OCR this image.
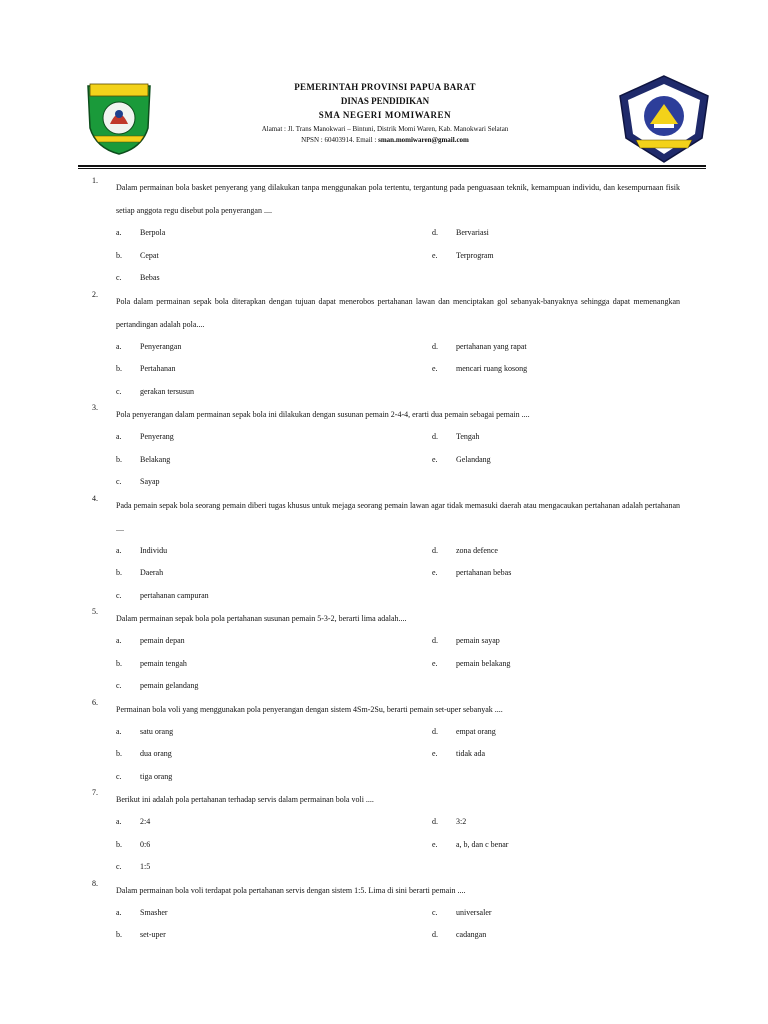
PEMERINTAH PROVINSI PAPUA BARAT
DINAS PENDIDIKAN
SMA NEGERI MOMIWAREN
Alamat : Jl. Trans Manokwari – Bintuni, Distrik Momi Waren, Kab. Manokwari Selatan
NPSN : 60403914. Email : sman.momiwaren@gmail.com
1.
Dalam permainan bola basket penyerang yang dilakukan tanpa menggunakan pola tertentu, tergantung pada penguasaan teknik, kemampuan individu, dan kesempurnaan fisik setiap anggota regu disebut pola penyerangan ....
a. Berpola	d. Bervariasi
b. Cepat	e. Terprogram
c. Bebas
2.
Pola dalam permainan sepak bola diterapkan dengan tujuan dapat menerobos pertahanan lawan dan menciptakan gol sebanyak-banyaknya sehingga dapat memenangkan pertandingan adalah pola....
a. Penyerangan	d. pertahanan yang rapat
b. Pertahanan	e. mencari ruang kosong
c. gerakan tersusun
3.
Pola penyerangan dalam permainan sepak bola ini dilakukan dengan susunan pemain 2-4-4, erarti dua pemain sebagai pemain ....
a. Penyerang	d. Tengah
b. Belakang	e. Gelandang
c. Sayap
4.
Pada pemain sepak bola seorang pemain diberi tugas khusus untuk mejaga seorang pemain lawan agar tidak memasuki daerah atau mengacaukan pertahanan adalah pertahanan ....
a. Individu	d. zona defence
b. Daerah	e. pertahanan bebas
c. pertahanan campuran
5.
Dalam permainan sepak bola pola pertahanan susunan pemain 5-3-2, berarti lima adalah....
a. pemain depan	d. pemain sayap
b. pemain tengah	e. pemain belakang
c. pemain gelandang
6.
Permainan bola voli yang menggunakan pola penyerangan dengan sistem 4Sm-2Su, berarti pemain set-uper sebanyak ....
a. satu orang	d. empat orang
b. dua orang	e. tidak ada
c. tiga orang
7.
Berikut ini adalah pola pertahanan terhadap servis dalam permainan bola voli ....
a. 2:4	d. 3:2
b. 0:6	e. a, b, dan c benar
c. 1:5
8.
Dalam permainan bola voli terdapat pola pertahanan servis dengan sistem 1:5. Lima di sini berarti pemain ....
a. Smasher	c. universaler
b. set-uper	d. cadangan
